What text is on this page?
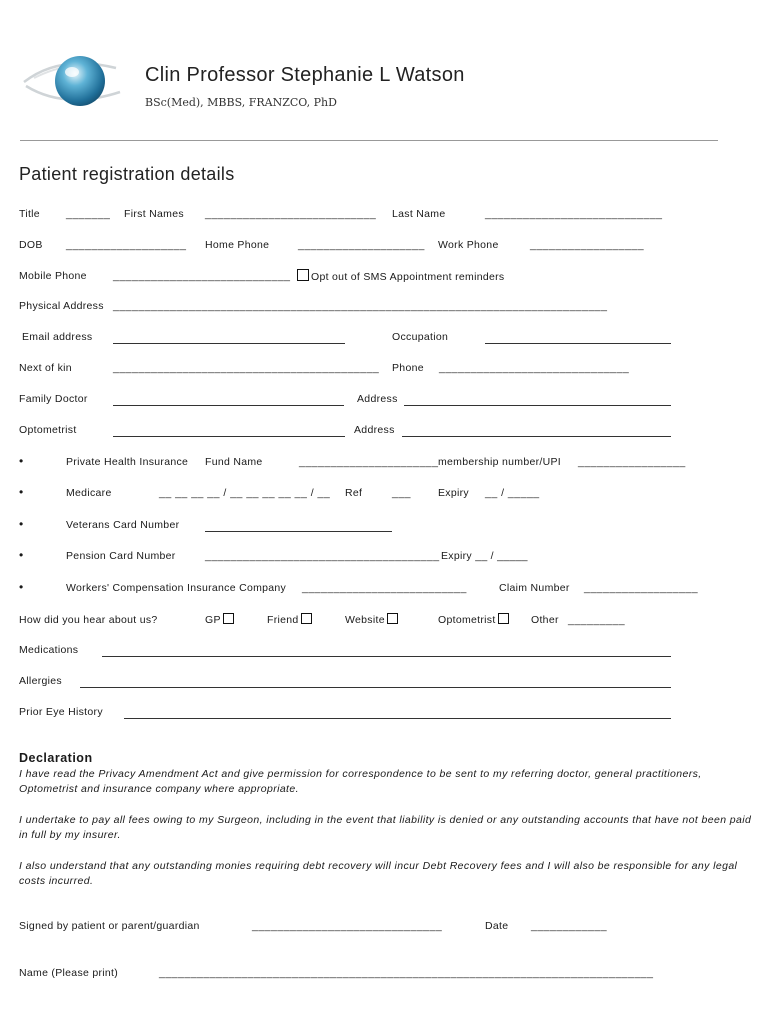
Clin Professor Stephanie L Watson
BSc(Med), MBBS, FRANZCO, PhD
Patient registration details
Title _______ First Names ___________________________ Last Name	____________________________
DOB ___________________ Home Phone	____________________ Work Phone	__________________
Mobile Phone ____________________________	Opt out of SMS Appointment reminders
Physical Address ______________________________________________________________________________
Email address	Occupation
Next of kin	__________________________________________ Phone ______________________________
Family Doctor	Address
Optometrist	Address
•	Private Health Insurance Fund Name	______________________ membership number/UPI _________________
•	Medicare	__ __ __ __ / __ __ __ __ __ / __ Ref	___	Expiry __ / _____
•	Veterans Card Number
•	Pension Card Number	_____________________________________ Expiry __ / _____
•	Workers' Compensation Insurance Company __________________________	Claim Number __________________
How did you hear about us?	GP	Friend	Website	Optometrist	Other _________
Medications
Allergies
Prior Eye History
Declaration
I have read the Privacy Amendment Act and give permission for correspondence to be sent to my referring doctor, general practitioners, Optometrist and insurance company where appropriate.
I undertake to pay all fees owing to my Surgeon, including in the event that liability is denied or any outstanding accounts that have not been paid in full by my insurer.
I also understand that any outstanding monies requiring debt recovery will incur Debt Recovery fees and I will also be responsible for any legal costs incurred.
Signed by patient or parent/guardian	______________________________	Date ____________
Name (Please print)	______________________________________________________________________________
